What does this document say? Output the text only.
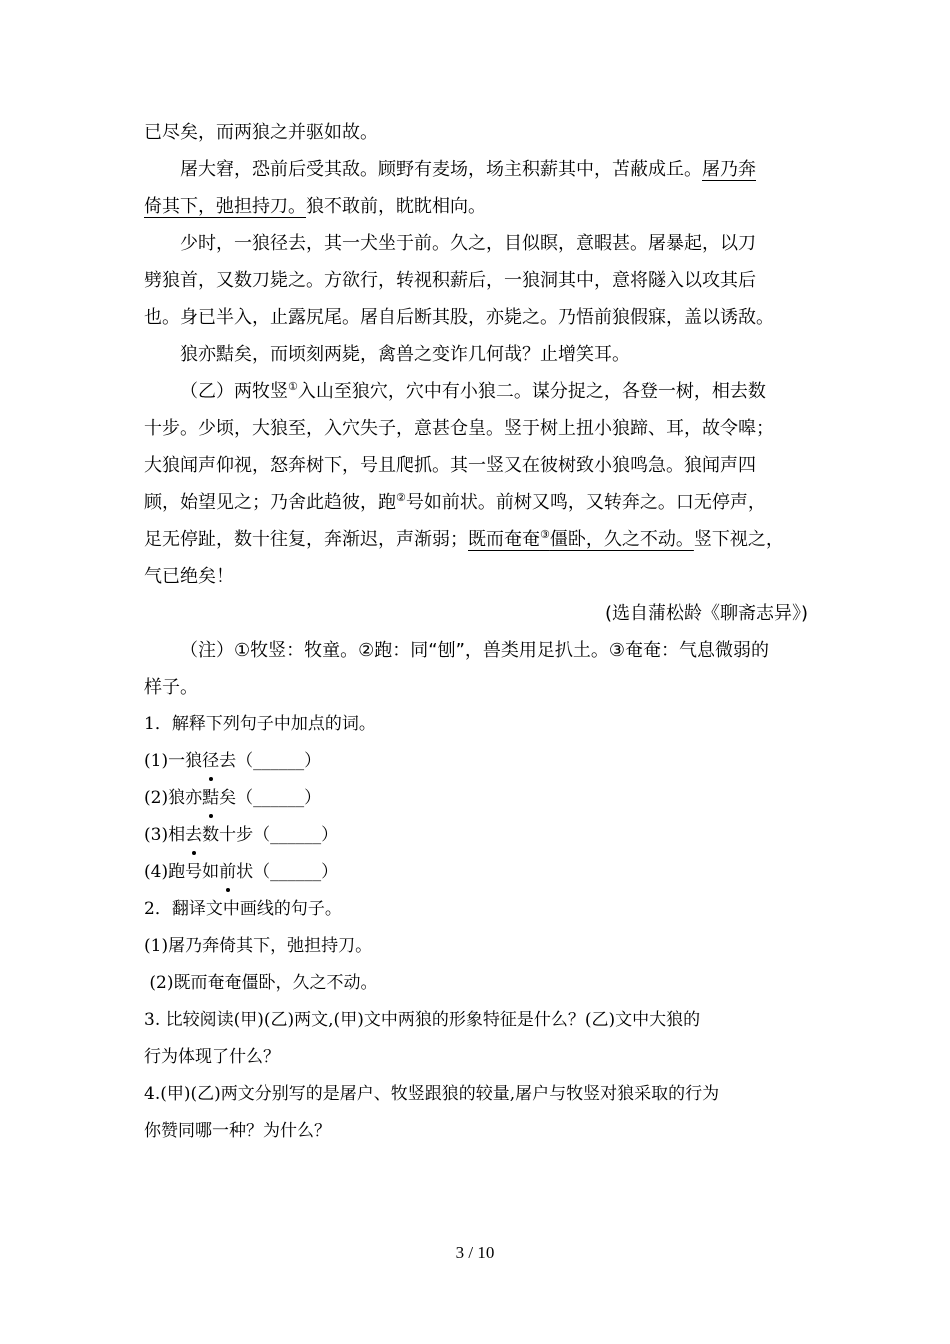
已尽矣，而两狼之并驱如故。

屠大窘，恐前后受其敌。顾野有麦场，场主积薪其中，苫蔽成丘。屠乃奔

倚其下，弛担持刀。狼不敢前，眈眈相向。

少时，一狼径去，其一犬坐于前。久之，目似瞑，意暇甚。屠暴起，以刀

劈狼首，又数刀毙之。方欲行，转视积薪后，一狼洞其中，意将隧入以攻其后

也。身已半入，止露尻尾。屠自后断其股，亦毙之。乃悟前狼假寐，盖以诱敌。

狼亦黠矣，而顷刻两毙，禽兽之变诈几何哉？止增笑耳。

（乙）两牧竖①入山至狼穴，穴中有小狼二。谋分捉之，各登一树，相去数

十步。少顷，大狼至，入穴失子，意甚仓皇。竖于树上扭小狼蹄、耳，故令嗥；

大狼闻声仰视，怒奔树下，号且爬抓。其一竖又在彼树致小狼鸣急。狼闻声四

顾，始望见之；乃舍此趋彼，跑②号如前状。前树又鸣，又转奔之。口无停声，

足无停趾，数十往复，奔渐迟，声渐弱；既而奄奄③僵卧，久之不动。竖下视之，

气已绝矣！

(选自蒲松龄《聊斋志异》)

（注）①牧竖：牧童。②跑：同“刨”，兽类用足扒土。③奄奄：气息微弱的

样子。

1．解释下列句子中加点的词。

(1)一狼径去（______）

(2)狼亦黠矣（______）

(3)相去数十步（______）

(4)跑号如前状（______）

2．翻译文中画线的句子。

(1)屠乃奔倚其下，弛担持刀。

(2)既而奄奄僵卧，久之不动。

3. 比较阅读(甲)(乙)两文,(甲)文中两狼的形象特征是什么？(乙)文中大狼的

行为体现了什么？

4.(甲)(乙)两文分别写的是屠户、牧竖跟狼的较量,屠户与牧竖对狼采取的行为

你赞同哪一种？为什么？

3 / 10
